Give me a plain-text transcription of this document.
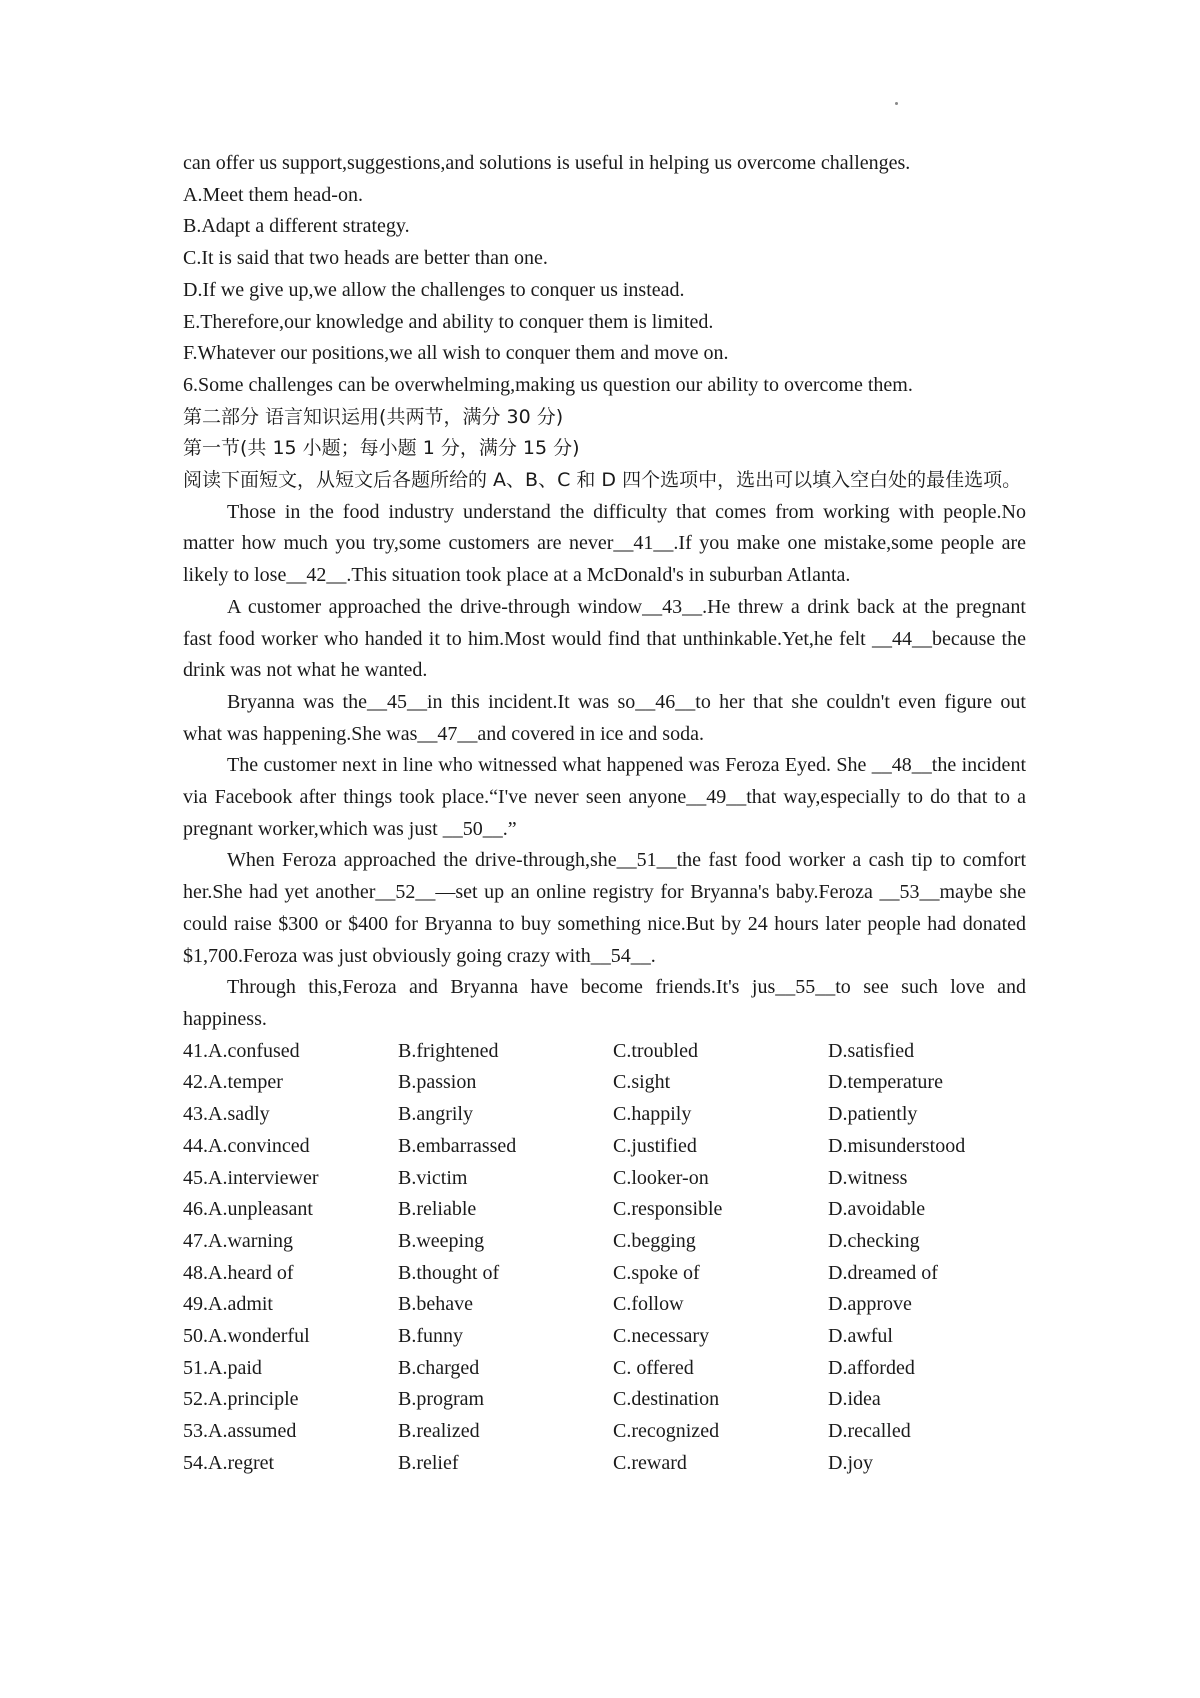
can offer us support,suggestions,and solutions is useful in helping us overcome challenges.
A.Meet them head-on.
B.Adapt a different strategy.
C.It is said that two heads are better than one.
D.If we give up,we allow the challenges to conquer us instead.
E.Therefore,our knowledge and ability to conquer them is limited.
F.Whatever our positions,we all wish to conquer them and move on.
6.Some challenges can be overwhelming,making us question our ability to overcome them.
第二部分 语言知识运用(共两节，满分 30 分)
第一节(共 15 小题；每小题 1 分，满分 15 分)
阅读下面短文，从短文后各题所给的 A、B、C 和 D 四个选项中，选出可以填入空白处的最佳选项。
Those in the food industry understand the difficulty that comes from working with people.No matter how much you try,some customers are never__41__.If you make one mistake,some people are likely to lose__42__.This situation took place at a McDonald's in suburban Atlanta.
A customer approached the drive-through window__43__.He threw a drink back at the pregnant fast food worker who handed it to him.Most would find that unthinkable.Yet,he felt __44__because the drink was not what he wanted.
Bryanna was the__45__in this incident.It was so__46__to her that she couldn't even figure out what was happening.She was__47__and covered in ice and soda.
The customer next in line who witnessed what happened was Feroza Eyed. She __48__the incident via Facebook after things took place.“I've never seen anyone__49__that way,especially to do that to a pregnant worker,which was just __50__.”
When Feroza approached the drive-through,she__51__the fast food worker a cash tip to comfort her.She had yet another__52__—set up an online registry for Bryanna's baby.Feroza __53__maybe she could raise $300 or $400 for Bryanna to buy something nice.But by 24 hours later people had donated $1,700.Feroza was just obviously going crazy with__54__.
Through this,Feroza and Bryanna have become friends.It's jus__55__to see such love and happiness.
41.A.confused	B.frightened	C.troubled	D.satisfied
42.A.temper	B.passion	C.sight	D.temperature
43.A.sadly	B.angrily	C.happily	D.patiently
44.A.convinced	B.embarrassed	C.justified	D.misunderstood
45.A.interviewer	B.victim	C.looker-on	D.witness
46.A.unpleasant	B.reliable	C.responsible	D.avoidable
47.A.warning	B.weeping	C.begging	D.checking
48.A.heard of	B.thought of	C.spoke of	D.dreamed of
49.A.admit	B.behave	C.follow	D.approve
50.A.wonderful	B.funny	C.necessary	D.awful
51.A.paid	B.charged	C. offered	D.afforded
52.A.principle	B.program	C.destination	D.idea
53.A.assumed	B.realized	C.recognized	D.recalled
54.A.regret	B.relief	C.reward	D.joy
